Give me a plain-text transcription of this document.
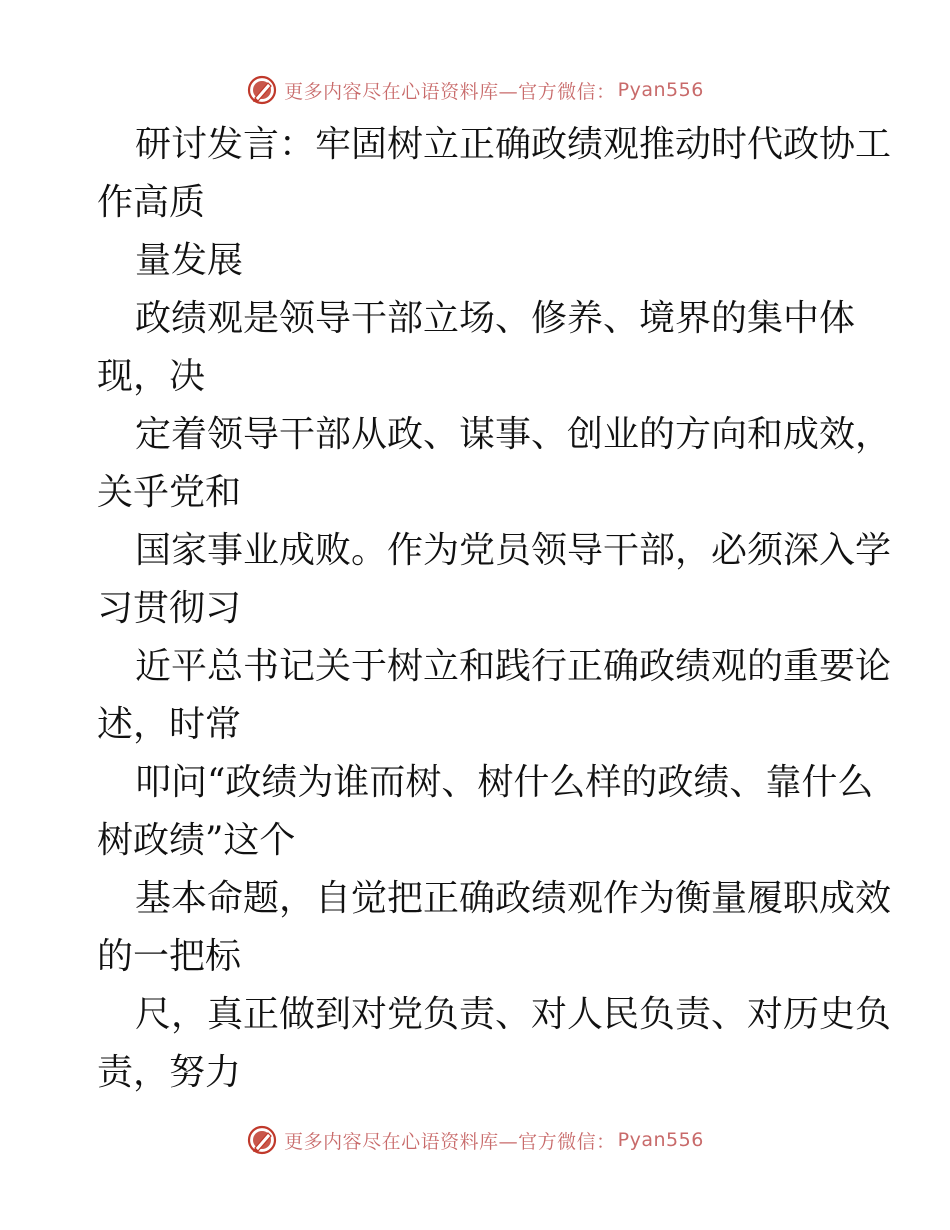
更多内容尽在心语资料库—官方微信： Pyan556
研讨发言：牢固树立正确政绩观推动时代政协工
作高质
量发展
政绩观是领导干部立场、修养、境界的集中体
现，决
定着领导干部从政、谋事、创业的方向和成效，
关乎党和
国家事业成败。作为党员领导干部，必须深入学
习贯彻习
近平总书记关于树立和践行正确政绩观的重要论
述，时常
叩问“政绩为谁而树、树什么样的政绩、靠什么
树政绩”这个
基本命题，自觉把正确政绩观作为衡量履职成效
的一把标
尺，真正做到对党负责、对人民负责、对历史负
责，努力
更多内容尽在心语资料库—官方微信： Pyan556
